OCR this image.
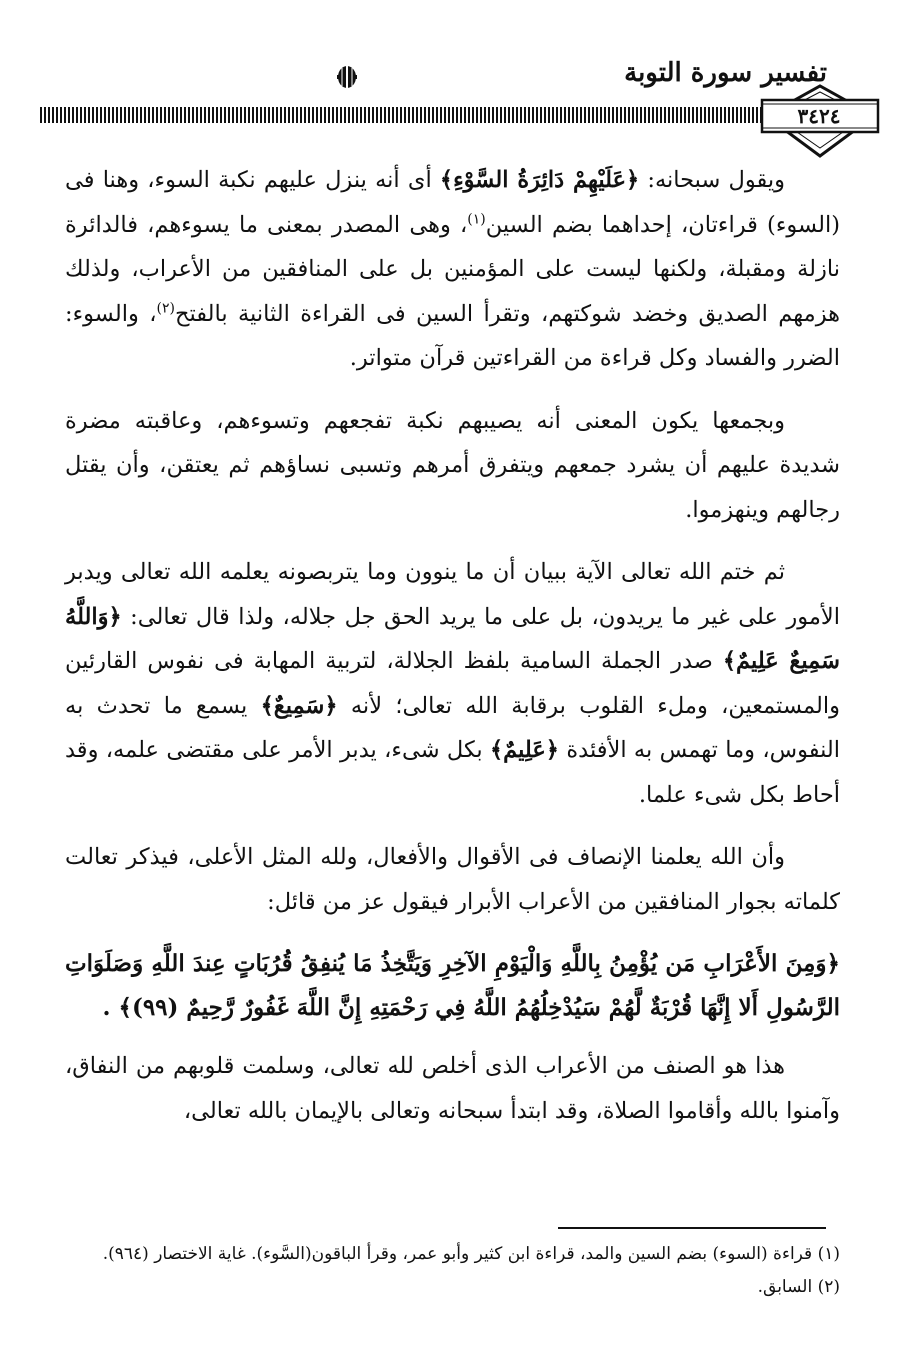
تفسير سورة التوبة
٣٤٢٤

ويقول سبحانه: ﴿عَلَيْهِمْ دَائِرَةُ السَّوْءِ﴾ أى أنه ينزل عليهم نكبة السوء، وهنا فى (السوء) قراءتان، إحداهما بضم السين$^{(١)}$، وهى المصدر بمعنى ما يسوءهم، فالدائرة نازلة ومقبلة، ولكنها ليست على المؤمنين بل على المنافقين من الأعراب، ولذلك هزمهم الصديق وخضد شوكتهم، وتقرأ السين فى القراءة الثانية بالفتح$^{(٢)}$، والسوء: الضرر والفساد وكل قراءة من القراءتين قرآن متواتر.

وبجمعها يكون المعنى أنه يصيبهم نكبة تفجعهم وتسوءهم، وعاقبته مضرة شديدة عليهم أن يشرد جمعهم ويتفرق أمرهم وتسبى نساؤهم ثم يعتقن، وأن يقتل رجالهم وينهزموا.

ثم ختم الله تعالى الآية ببيان أن ما ينوون وما يتربصونه يعلمه الله تعالى ويدبر الأمور على غير ما يريدون، بل على ما يريد الحق جل جلاله، ولذا قال تعالى: ﴿وَاللَّهُ سَمِيعٌ عَلِيمٌ﴾ صدر الجملة السامية بلفظ الجلالة، لتربية المهابة فى نفوس القارئين والمستمعين، وملء القلوب برقابة الله تعالى؛ لأنه ﴿سَمِيعٌ﴾ يسمع ما تحدث به النفوس، وما تهمس به الأفئدة ﴿عَلِيمٌ﴾ بكل شىء، يدبر الأمر على مقتضى علمه، وقد أحاط بكل شىء علما.

وأن الله يعلمنا الإنصاف فى الأقوال والأفعال، ولله المثل الأعلى، فيذكر تعالت كلماته بجوار المنافقين من الأعراب الأبرار فيقول عز من قائل:

﴿وَمِنَ الأَعْرَابِ مَن يُؤْمِنُ بِاللَّهِ وَالْيَوْمِ الآخِرِ وَيَتَّخِذُ مَا يُنفِقُ قُرُبَاتٍ عِندَ اللَّهِ وَصَلَوَاتِ الرَّسُولِ أَلا إِنَّهَا قُرْبَةٌ لَّهُمْ سَيُدْخِلُهُمُ اللَّهُ فِي رَحْمَتِهِ إِنَّ اللَّهَ غَفُورٌ رَّحِيمٌ (٩٩)﴾ .

هذا هو الصنف من الأعراب الذى أخلص لله تعالى، وسلمت قلوبهم من النفاق، وآمنوا بالله وأقاموا الصلاة، وقد ابتدأ سبحانه وتعالى بالإيمان بالله تعالى،

(١) قراءة (السوء) بضم السين والمد، قراءة ابن كثير وأبو عمر، وقرأ الباقون(السَّوء). غاية الاختصار (٩٦٤).

(٢) السابق.
